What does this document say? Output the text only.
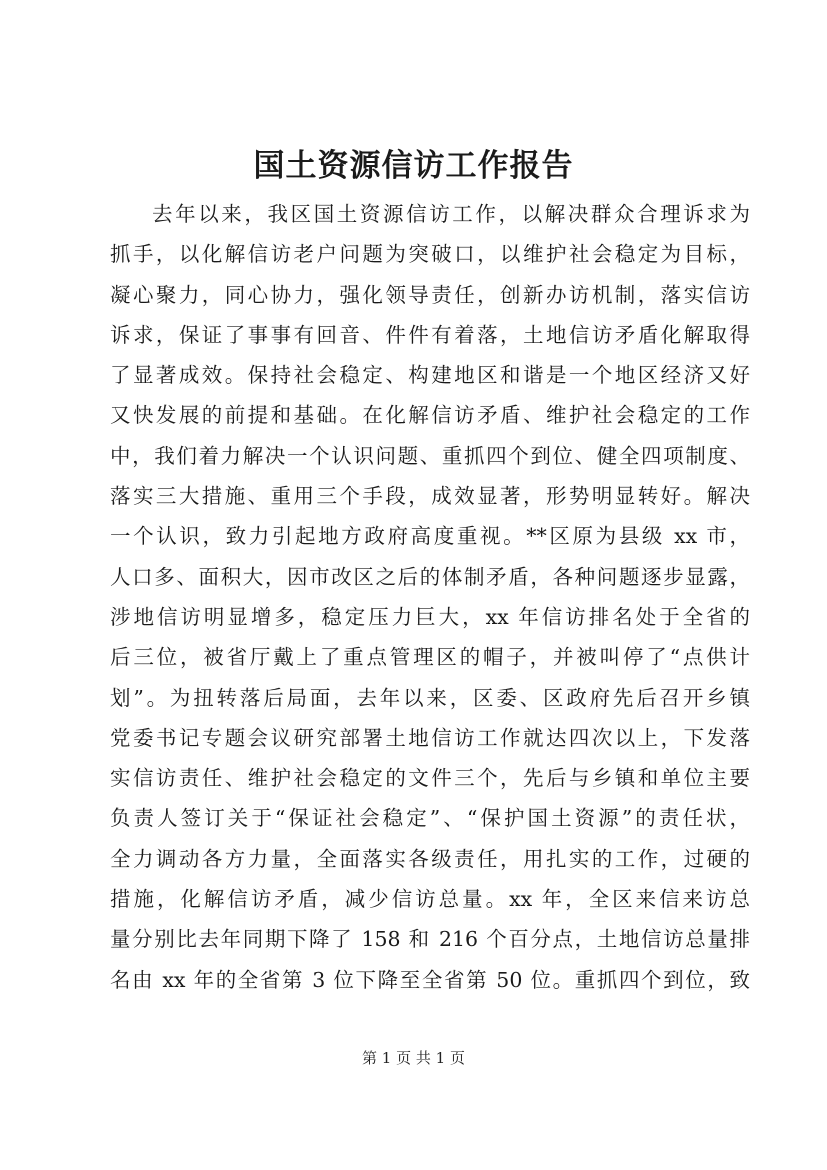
国土资源信访工作报告
去年以来，我区国土资源信访工作，以解决群众合理诉求为
抓手，以化解信访老户问题为突破口，以维护社会稳定为目标，
凝心聚力，同心协力，强化领导责任，创新办访机制，落实信访
诉求，保证了事事有回音、件件有着落，土地信访矛盾化解取得
了显著成效。保持社会稳定、构建地区和谐是一个地区经济又好
又快发展的前提和基础。在化解信访矛盾、维护社会稳定的工作
中，我们着力解决一个认识问题、重抓四个到位、健全四项制度、
落实三大措施、重用三个手段，成效显著，形势明显转好。解决
一个认识，致力引起地方政府高度重视。**区原为县级 xx 市，
人口多、面积大，因市改区之后的体制矛盾，各种问题逐步显露，
涉地信访明显增多，稳定压力巨大，xx 年信访排名处于全省的
后三位，被省厅戴上了重点管理区的帽子，并被叫停了“点供计
划”。为扭转落后局面，去年以来，区委、区政府先后召开乡镇
党委书记专题会议研究部署土地信访工作就达四次以上，下发落
实信访责任、维护社会稳定的文件三个，先后与乡镇和单位主要
负责人签订关于“保证社会稳定”、“保护国土资源”的责任状，
全力调动各方力量，全面落实各级责任，用扎实的工作，过硬的
措施，化解信访矛盾，减少信访总量。xx 年，全区来信来访总
量分别比去年同期下降了 158 和 216 个百分点，土地信访总量排
名由 xx 年的全省第 3 位下降至全省第 50 位。重抓四个到位，致
第 1 页 共 1 页
